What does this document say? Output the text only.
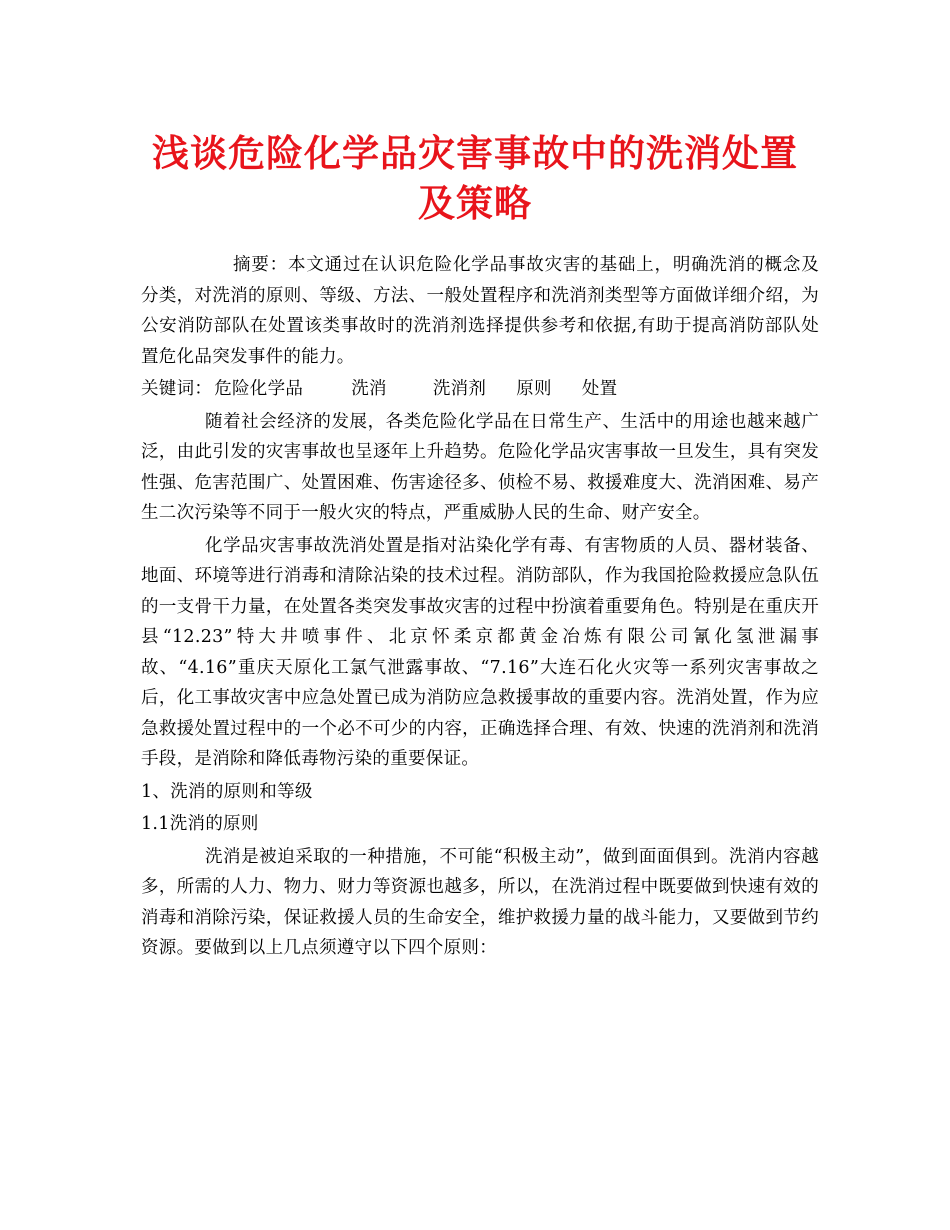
浅谈危险化学品灾害事故中的洗消处置及策略

摘要：本文通过在认识危险化学品事故灾害的基础上，明确洗消的概念及分类，对洗消的原则、等级、方法、一般处置程序和洗消剂类型等方面做详细介绍，为公安消防部队在处置该类事故时的洗消剂选择提供参考和依据,有助于提高消防部队处置危化品突发事件的能力。

关键词： 危险化学品	洗消	洗消剂 原则 处置

随着社会经济的发展，各类危险化学品在日常生产、生活中的用途也越来越广泛，由此引发的灾害事故也呈逐年上升趋势。危险化学品灾害事故一旦发生，具有突发性强、危害范围广、处置困难、伤害途径多、侦检不易、救援难度大、洗消困难、易产生二次污染等不同于一般火灾的特点，严重威胁人民的生命、财产安全。

化学品灾害事故洗消处置是指对沾染化学有毒、有害物质的人员、器材装备、地面、环境等进行消毒和清除沾染的技术过程。消防部队，作为我国抢险救援应急队伍的一支骨干力量，在处置各类突发事故灾害的过程中扮演着重要角色。特别是在重庆开县“12.23”特大井喷事件、北京怀柔京都黄金冶炼有限公司氰化氢泄漏事故、“4.16”重庆天原化工氯气泄露事故、“7.16”大连石化火灾等一系列灾害事故之后，化工事故灾害中应急处置已成为消防应急救援事故的重要内容。洗消处置，作为应急救援处置过程中的一个必不可少的内容，正确选择合理、有效、快速的洗消剂和洗消手段，是消除和降低毒物污染的重要保证。

1、洗消的原则和等级

1.1洗消的原则

洗消是被迫采取的一种措施，不可能“积极主动”，做到面面俱到。洗消内容越多，所需的人力、物力、财力等资源也越多，所以，在洗消过程中既要做到快速有效的消毒和消除污染，保证救援人员的生命安全，维护救援力量的战斗能力，又要做到节约资源。要做到以上几点须遵守以下四个原则：
